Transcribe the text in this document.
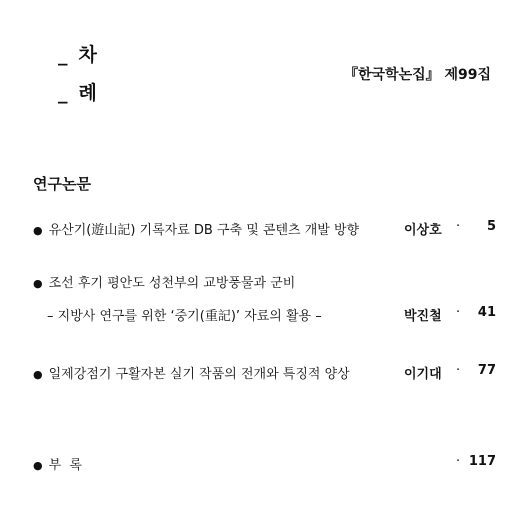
_ 차
_ 례
『한국학논집』 제99집
연구논문
● 유산기(遊山記) 기록자료 DB 구축 및 콘텐츠 개발 방향	이상호 ·	5
● 조선 후기 평안도 성천부의 교방풍물과 군비
– 지방사 연구를 위한 ‘중기(重記)’ 자료의 활용 –	박진철 ·	41
● 일제강점기 구활자본 실기 작품의 전개와 특징적 양상	이기대 ·	77
● 부  록	· 117
